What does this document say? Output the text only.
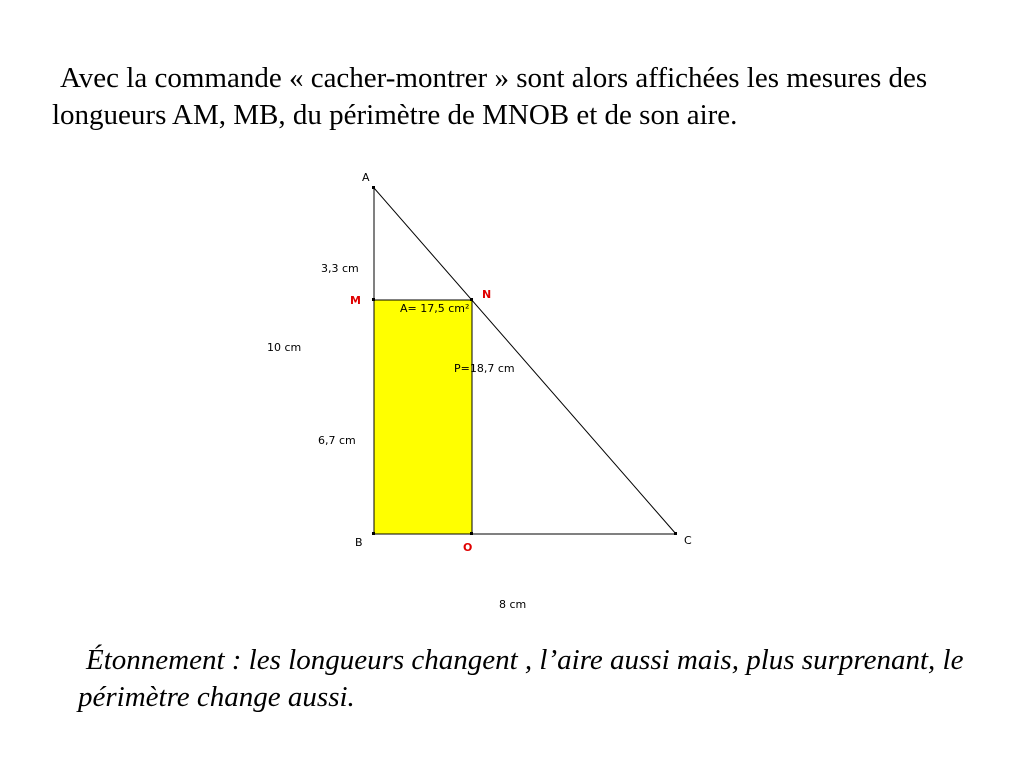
Avec la commande « cacher-montrer » sont alors affichées les mesures des longueurs AM, MB, du périmètre de MNOB et de son aire.

A
B	C
M	N
O
3,3 cm
6,7 cm
10 cm
8 cm
A= 17,5 cm²
P=18,7 cm

Étonnement : les longueurs changent , l’aire aussi mais, plus surprenant, le périmètre change aussi.
